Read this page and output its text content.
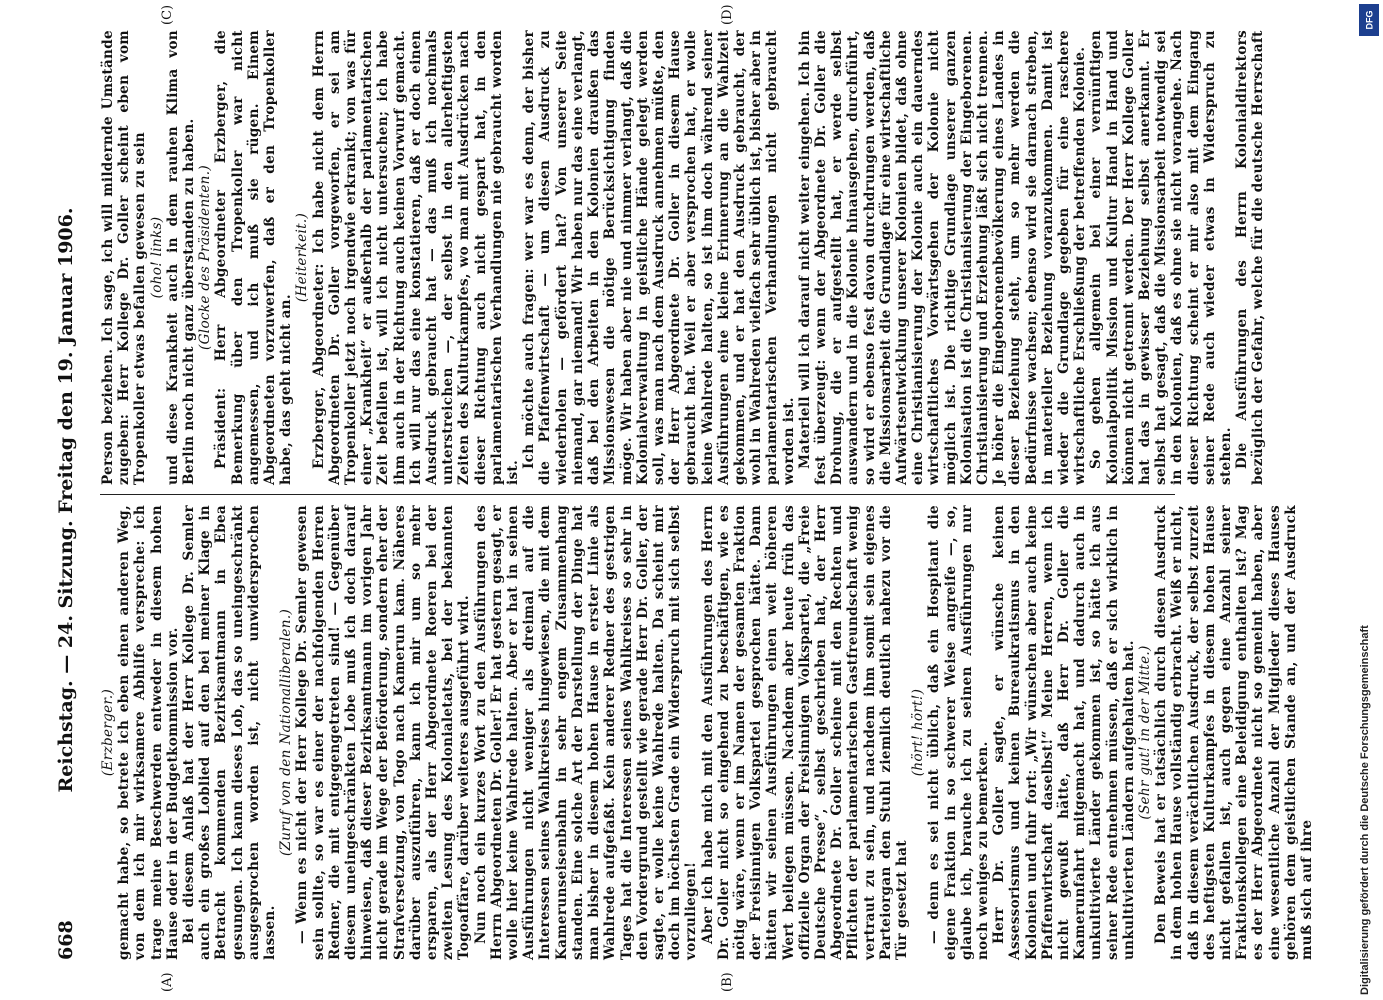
668
Reichstag. — 24. Sitzung. Freitag den 19. Januar 1906.
(A)	(B)
(C)	(D)

(Erzberger.) gemacht habe, so betrete ich eben einen anderen Weg, von dem ich mir wirksamere Abhilfe verspreche: ich trage meine Beschwerden entweder in diesem hohen Hause oder in der Budgetkommission vor. Bei diesem Anlaß hat der Herr Kollege Dr. Semler auch ein großes Loblied auf den bei meiner Klage in Betracht kommenden Bezirksamtmann in Ebea gesungen. Ich kann dieses Lob, das so uneingeschränkt ausgesprochen worden ist, nicht unwidersprochen lassen.

(Zuruf von den Nationalliberalen.) — Wenn es nicht der Herr Kollege Dr. Semler gewesen sein sollte, so war es einer der nachfolgenden Herren Redner, die mit entgegengetreten sind! — Gegenüber diesem uneingeschränkten Lobe muß ich doch darauf hinweisen, daß dieser Bezirksamtmann im vorigen Jahr nicht gerade im Wege der Beförderung, sondern eher der Strafversetzung, von Togo nach Kamerun kam. Näheres darüber auszuführen, kann ich mir um so mehr ersparen, als der Herr Abgeordnete Roeren bei der zweiten Lesung des Kolonialetats, bei der bekannten Togoaffäre, darüber weiteres ausgeführt wird. Nun noch ein kurzes Wort zu den Ausführungen des Herrn Abgeordneten Dr. Goller! Er hat gestern gesagt, er wolle hier keine Wahlrede halten. Aber er hat in seinen Ausführungen nicht weniger als dreimal auf die Interessen seines Wahlkreises hingewiesen, die mit dem Kamerunseisenbahn in sehr engem Zusammenhang standen. Eine solche Art der Darstellung der Dinge hat man bisher in diesem hohen Hause in erster Linie als Wahlrede aufgefaßt. Kein anderer Redner des gestrigen Tages hat die Interessen seines Wahlkreises so sehr in den Vordergrund gestellt wie gerade Herr Dr. Goller, der sagte, er wolle keine Wahlrede halten. Da scheint mir doch im höchsten Grade ein Widerspruch mit sich selbst vorzuliegen! Aber ich habe mich mit den Ausführungen des Herrn Dr. Goller nicht so eingehend zu beschäftigen, wie es nötig wäre, wenn er im Namen der gesamten Fraktion der Freisinnigen Volkspartei gesprochen hätte. Dann hätten wir seinen Ausführungen einen weit höheren Wert beilegen müssen. Nachdem aber heute früh das offizielle Organ der Freisinnigen Volkspartei, die „Freie Deutsche Presse“, selbst geschrieben hat, der Herr Abgeordnete Dr. Goller scheine mit den Rechten und Pflichten der parlamentarischen Gastfreundschaft wenig vertraut zu sein, und nachdem ihm somit sein eigenes Parteiorgan den Stuhl ziemlich deutlich nahezu vor die Tür gesetzt hat

(hört! hört!) — denn es sei nicht üblich, daß ein Hospitant die eigene Fraktion in so schwerer Weise angreife —, so, glaube ich, brauche ich zu seinen Ausführungen nur noch weniges zu bemerken. Herr Dr. Goller sagte, er wünsche keinen Assessorismus und keinen Bureaukratismus in den Kolonien und fuhr fort: „Wir wünschen aber auch keine Pfaffenwirtschaft daselbst!“ Meine Herren, wenn ich nicht gewußt hätte, daß Herr Dr. Goller die Kamerunfahrt mitgemacht hat, und dadurch auch in unkultivierte Länder gekommen ist, so hätte ich aus seiner Rede entnehmen müssen, daß er sich wirklich in unkultivierten Ländern aufgehalten hat. (Sehr gut! in der Mitte.) Den Beweis hat er tatsächlich durch diesen Ausdruck in dem hohen Hause vollständig erbracht. Weiß er nicht, daß in diesem verächtlichen Ausdruck, der selbst zurzeit des heftigsten Kulturkampfes in diesem hohen Hause nicht gefallen ist, auch gegen eine Anzahl seiner Fraktionskollegen eine Beleidigung enthalten ist? Mag es der Herr Abgeordnete nicht so gemeint haben, aber eine wesentliche Anzahl der Mitglieder dieses Hauses gehören dem geistlichen Stande an, und der Ausdruck muß sich auf ihre

Person beziehen. Ich sage, ich will mildernde Umstände zugeben: Herr Kollege Dr. Goller scheint eben vom Tropenkoller etwas befallen gewesen zu sein (oho! links) und diese Krankheit auch in dem rauhen Klima von Berlin noch nicht ganz überstanden zu haben. (Glocke des Präsidenten.) Präsident: Herr Abgeordneter Erzberger, die Bemerkung über den Tropenkoller war nicht angemessen, und ich muß sie rügen. Einem Abgeordneten vorzuwerfen, daß er den Tropenkoller habe, das geht nicht an.

(Heiterkeit.) Erzberger, Abgeordneter: Ich habe nicht dem Herrn Abgeordneten Dr. Goller vorgeworfen, er sei am Tropenkoller jetzt noch irgendwie erkrankt; von was für einer „Krankheit“ er außerhalb der parlamentarischen Zeit befallen ist, will ich nicht untersuchen; ich habe ihm auch in der Richtung auch keinen Vorwurf gemacht. Ich will nur das eine konstatieren, daß er doch einen Ausdruck gebraucht hat — das muß ich nochmals unterstreichen —, der selbst in den allerheftigsten Zeiten des Kulturkampfes, wo man mit Ausdrücken nach dieser Richtung auch nicht gespart hat, in den parlamentarischen Verhandlungen nie gebraucht worden ist.

Ich möchte auch fragen: wer war es denn, der bisher die Pfaffenwirtschaft — um diesen Ausdruck zu wiederholen — gefördert hat? Von unserer Seite niemand, gar niemand! Wir haben nur das eine verlangt, daß bei den Arbeiten in den Kolonien draußen das Missionswesen die nötige Berücksichtigung finden möge. Wir haben aber nie und nimmer verlangt, daß die Kolonialverwaltung in geistliche Hände gelegt werden soll, was man nach dem Ausdruck annehmen müßte, den der Herr Abgeordnete Dr. Goller in diesem Hause gebraucht hat. Weil er aber versprochen hat, er wolle keine Wahlrede halten, so ist ihm doch während seiner Ausführungen eine kleine Erinnerung an die Wahlzeit gekommen, und er hat den Ausdruck gebraucht, der wohl in Wahlreden vielfach sehr üblich ist, bisher aber in parlamentarischen Verhandlungen nicht gebraucht worden ist. Materiell will ich darauf nicht weiter eingehen. Ich bin fest überzeugt: wenn der Abgeordnete Dr. Goller die Drohung, die er aufgestellt hat, er werde selbst auswandern und in die Kolonie hinausgehen, durchführt, so wird er ebenso fest davon durchdrungen werden, daß die Missionsarbeit die Grundlage für eine wirtschaftliche Aufwärtsentwicklung unserer Kolonien bildet, daß ohne eine Christianisierung der Kolonie auch ein dauerndes wirtschaftliches Vorwärtsgehen der Kolonie nicht möglich ist. Die richtige Grundlage unserer ganzen Kolonisation ist die Christianisierung der Eingeborenen. Christianisierung und Erziehung läßt sich nicht trennen. Je höher die Eingeborenenbevölkerung eines Landes in dieser Beziehung steht, um so mehr werden die Bedürfnisse wachsen; ebenso wird sie darnach streben, in materieller Beziehung voranzukommen. Damit ist wieder die Grundlage gegeben für eine raschere wirtschaftliche Erschließung der betreffenden Kolonie. So gehen allgemein bei einer vernünftigen Kolonialpolitik Mission und Kultur Hand in Hand und können nicht getrennt werden. Der Herr Kollege Goller hat das in gewisser Beziehung selbst anerkannt. Er selbst hat gesagt, daß die Missionsarbeit notwendig sei in den Kolonien, daß es ohne sie nicht vorangehe. Nach dieser Richtung scheint er mir also mit dem Eingang seiner Rede auch wieder etwas in Widerspruch zu stehen. Die Ausführungen des Herrn Kolonialdirektors bezüglich der Gefahr, welche für die deutsche Herrschaft

DFG
Digitalisierung gefördert durch die Deutsche Forschungsgemeinschaft
